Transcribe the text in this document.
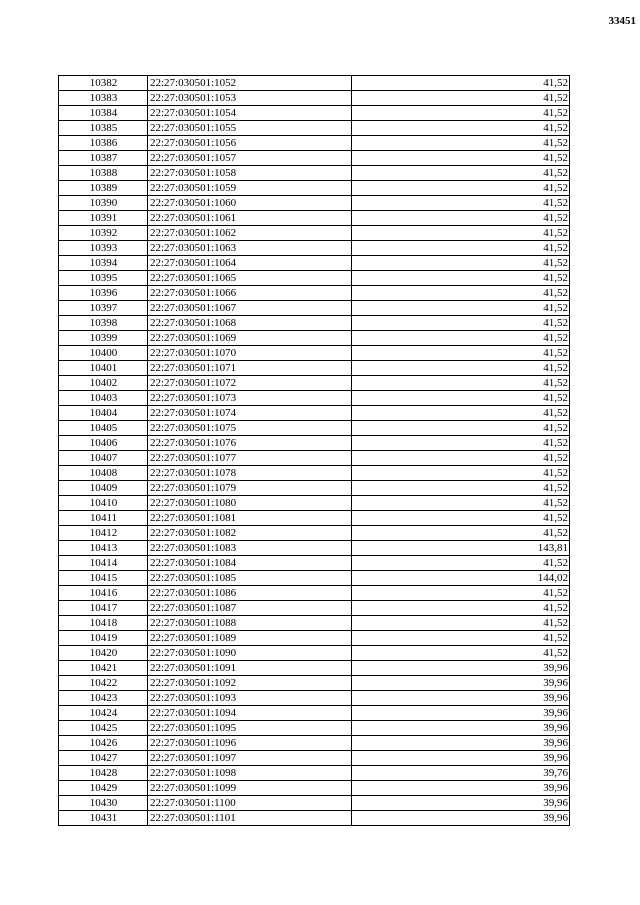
33451
10382	22:27:030501:1052	41,52
10383	22:27:030501:1053	41,52
10384	22:27:030501:1054	41,52
10385	22:27:030501:1055	41,52
10386	22:27:030501:1056	41,52
10387	22:27:030501:1057	41,52
10388	22:27:030501:1058	41,52
10389	22:27:030501:1059	41,52
10390	22:27:030501:1060	41,52
10391	22:27:030501:1061	41,52
10392	22:27:030501:1062	41,52
10393	22:27:030501:1063	41,52
10394	22:27:030501:1064	41,52
10395	22:27:030501:1065	41,52
10396	22:27:030501:1066	41,52
10397	22:27:030501:1067	41,52
10398	22:27:030501:1068	41,52
10399	22:27:030501:1069	41,52
10400	22:27:030501:1070	41,52
10401	22:27:030501:1071	41,52
10402	22:27:030501:1072	41,52
10403	22:27:030501:1073	41,52
10404	22:27:030501:1074	41,52
10405	22:27:030501:1075	41,52
10406	22:27:030501:1076	41,52
10407	22:27:030501:1077	41,52
10408	22:27:030501:1078	41,52
10409	22:27:030501:1079	41,52
10410	22:27:030501:1080	41,52
10411	22:27:030501:1081	41,52
10412	22:27:030501:1082	41,52
10413	22:27:030501:1083	143,81
10414	22:27:030501:1084	41,52
10415	22:27:030501:1085	144,02
10416	22:27:030501:1086	41,52
10417	22:27:030501:1087	41,52
10418	22:27:030501:1088	41,52
10419	22:27:030501:1089	41,52
10420	22:27:030501:1090	41,52
10421	22:27:030501:1091	39,96
10422	22:27:030501:1092	39,96
10423	22:27:030501:1093	39,96
10424	22:27:030501:1094	39,96
10425	22:27:030501:1095	39,96
10426	22:27:030501:1096	39,96
10427	22:27:030501:1097	39,96
10428	22:27:030501:1098	39,76
10429	22:27:030501:1099	39,96
10430	22:27:030501:1100	39,96
10431	22:27:030501:1101	39,96
